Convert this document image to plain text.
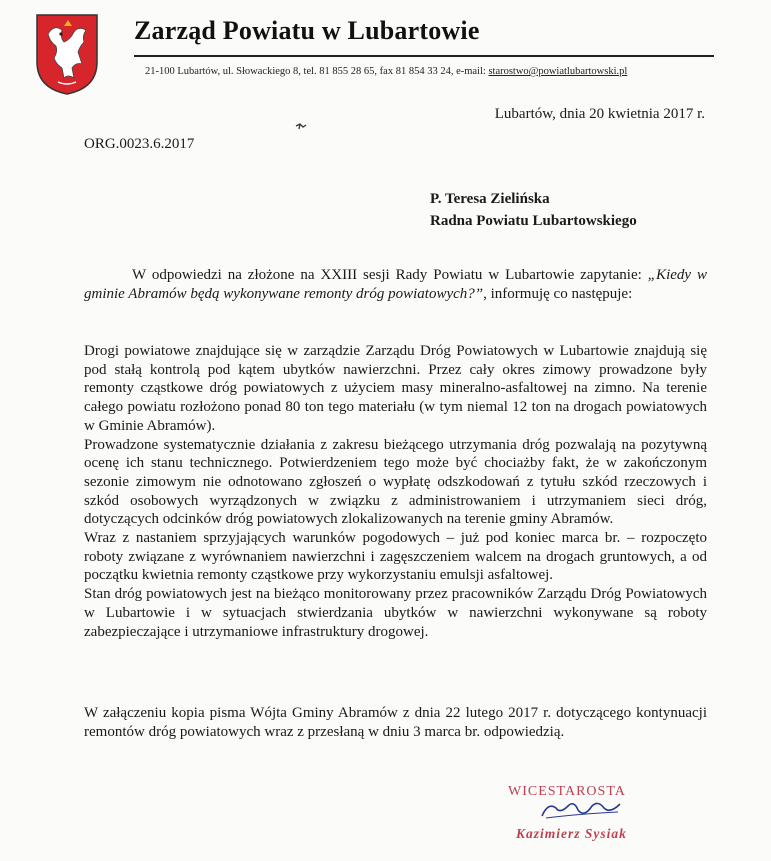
Zarząd Powiatu w Lubartowie
21-100 Lubartów, ul. Słowackiego 8, tel. 81 855 28 65, fax 81 854 33 24, e-mail: starostwo@powiatlubartowski.pl
Lubartów, dnia 20 kwietnia 2017 r.
ORG.0023.6.2017
P. Teresa Zielińska
Radna Powiatu Lubartowskiego
W odpowiedzi na złożone na XXIII sesji Rady Powiatu w Lubartowie zapytanie: „Kiedy w gminie Abramów będą wykonywane remonty dróg powiatowych?”, informuję co następuje:

Drogi powiatowe znajdujące się w zarządzie Zarządu Dróg Powiatowych w Lubartowie znajdują się pod stałą kontrolą pod kątem ubytków nawierzchni. Przez cały okres zimowy prowadzone były remonty cząstkowe dróg powiatowych z użyciem masy mineralno-asfaltowej na zimno. Na terenie całego powiatu rozłożono ponad 80 ton tego materiału (w tym niemal 12 ton na drogach powiatowych w Gminie Abramów).

Prowadzone systematycznie działania z zakresu bieżącego utrzymania dróg pozwalają na pozytywną ocenę ich stanu technicznego. Potwierdzeniem tego może być chociażby fakt, że w zakończonym sezonie zimowym nie odnotowano zgłoszeń o wypłatę odszkodowań z tytułu szkód rzeczowych i szkód osobowych wyrządzonych w związku z administrowaniem i utrzymaniem sieci dróg, dotyczących odcinków dróg powiatowych zlokalizowanych na terenie gminy Abramów.

Wraz z nastaniem sprzyjających warunków pogodowych – już pod koniec marca br. – rozpoczęto roboty związane z wyrównaniem nawierzchni i zagęszczeniem walcem na drogach gruntowych, a od początku kwietnia remonty cząstkowe przy wykorzystaniu emulsji asfaltowej.

Stan dróg powiatowych jest na bieżąco monitorowany przez pracowników Zarządu Dróg Powiatowych w Lubartowie i w sytuacjach stwierdzania ubytków w nawierzchni wykonywane są roboty zabezpieczające i utrzymaniowe infrastruktury drogowej.

W załączeniu kopia pisma Wójta Gminy Abramów z dnia 22 lutego 2017 r. dotyczącego kontynuacji remontów dróg powiatowych wraz z przesłaną w dniu 3 marca br. odpowiedzią.
WICESTAROSTA
Kazimierz Sysiak
